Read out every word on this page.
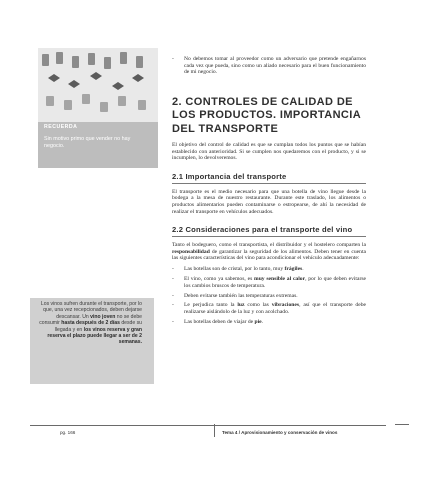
RECUERDA
Sin motivo primo que vender no hay negocio.
Los vinos sufren durante el transporte, por lo que, una vez recepcionados, deben dejarse descansar. Un vino joven no se debe consumir hasta después de 2 días desde su llegada y en los vinos reserva y gran reserva el plazo puede llegar a ser de 2 semanas.
- No debemos tomar al proveedor como un adversario que pretende engañarnos cada vez que pueda, sino como un aliado necesario para el buen funcionamiento de mi negocio.
2. CONTROLES DE CALIDAD DE LOS PRODUCTOS. IMPORTANCIA DEL TRANSPORTE

El objetivo del control de calidad es que se cumplan todos los puntos que se habían establecido con anterioridad. Si se cumplen nos quedaremos con el producto, y si se incumplen, lo devolveremos.

2.1 Importancia del transporte

El transporte es el medio necesario para que una botella de vino llegue desde la bodega a la mesa de nuestro restaurante. Durante este traslado, los alimentos o productos alimentarios pueden contaminarse o estropearse, de ahí la necesidad de realizar el transporte en vehículos adecuados.

2.2 Consideraciones para el transporte del vino

Tanto el bodeguero, como el transportista, el distribuidor y el hostelero comparten la responsabilidad de garantizar la seguridad de los alimentos. Deben tener en cuenta las siguientes características del vino para acondicionar el vehículo adecuadamente:

- Las botellas son de cristal, por lo tanto, muy frágiles.
- El vino, como ya sabemos, es muy sensible al calor, por lo que deben evitarse los cambios bruscos de temperatura.
- Deben evitarse también las temperaturas extremas.
- Le perjudica tanto la luz como las vibraciones, así que el transporte debe realizarse aislándolo de la luz y con acolchado.
- Las botellas deben de viajar de pie.
pg. 166	Tema 4 / Aprovisionamiento y conservación de vinos
